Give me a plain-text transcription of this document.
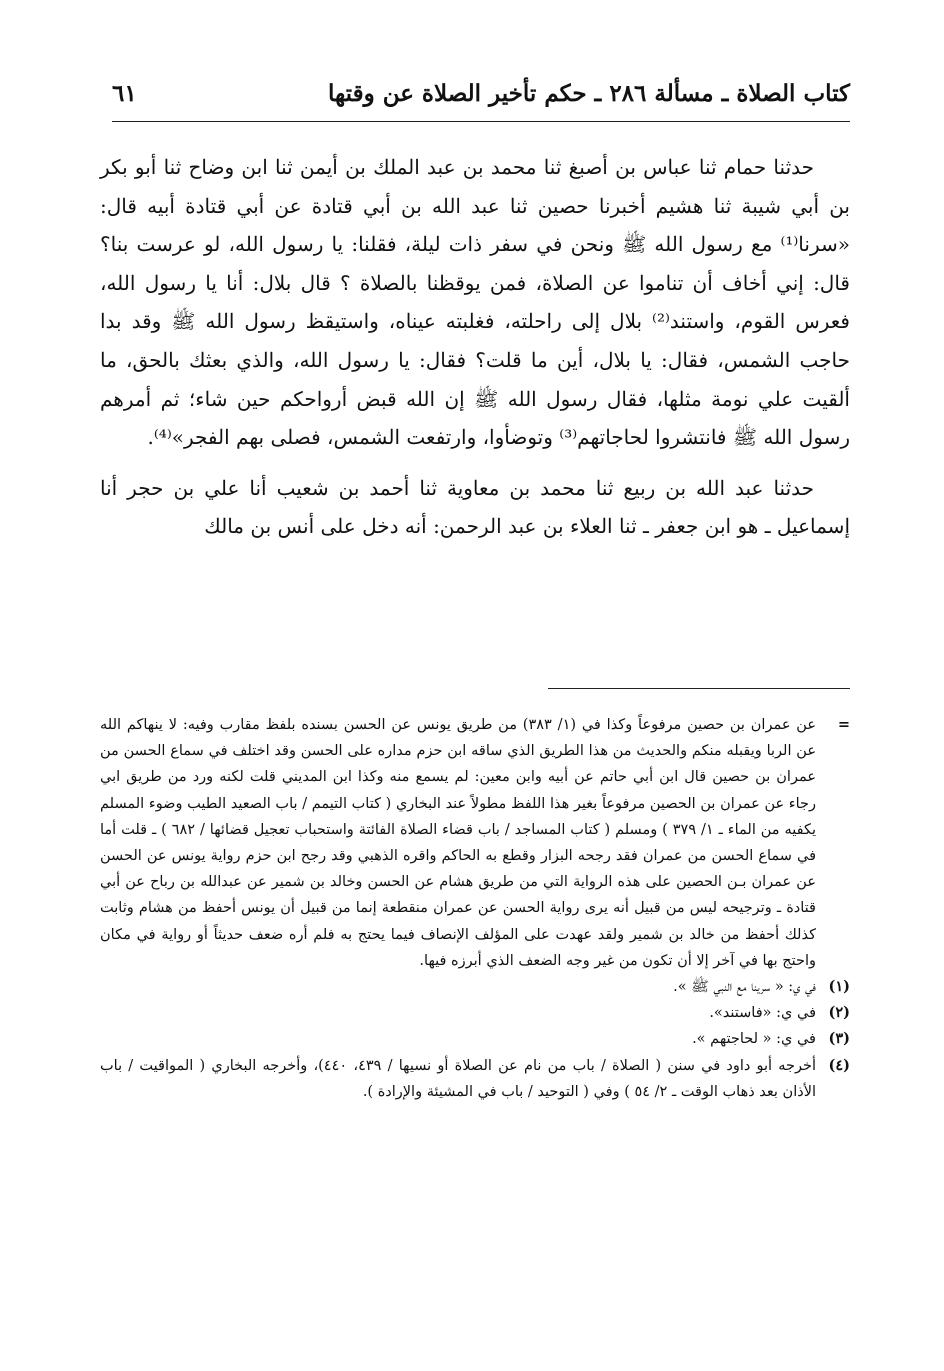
كتاب الصلاة ـ مسألة ٢٨٦ ـ حكم تأخير الصلاة عن وقتها
٦١

حدثنا حمام ثنا عباس بن أصبغ ثنا محمد بن عبد الملك بن أيمن ثنا ابن وضاح ثنا أبو بكر بن أبي شيبة ثنا هشيم أخبرنا حصين ثنا عبد الله بن أبي قتادة عن أبي قتادة أبيه قال: «سرنا⁽¹⁾ مع رسول الله ﷺ ونحن في سفر ذات ليلة، فقلنا: يا رسول الله، لو عرست بنا؟ قال: إني أخاف أن تناموا عن الصلاة، فمن يوقظنا بالصلاة ؟ قال بلال: أنا يا رسول الله، فعرس القوم، واستند⁽²⁾ بلال إلى راحلته، فغلبته عيناه، واستيقظ رسول الله ﷺ وقد بدا حاجب الشمس، فقال: يا بلال، أين ما قلت؟ فقال: يا رسول الله، والذي بعثك بالحق، ما ألقيت علي نومة مثلها، فقال رسول الله ﷺ إن الله قبض أرواحكم حين شاء؛ ثم أمرهم رسول الله ﷺ فانتشروا لحاجاتهم⁽³⁾ وتوضأوا، وارتفعت الشمس، فصلى بهم الفجر»⁽⁴⁾.

حدثنا عبد الله بن ربيع ثنا محمد بن معاوية ثنا أحمد بن شعيب أنا علي بن حجر أنا إسماعيل ـ هو ابن جعفر ـ ثنا العلاء بن عبد الرحمن: أنه دخل على أنس بن مالك

=عن عمران بن حصين مرفوعاً وكذا في (١/ ٣٨٣) من طريق يونس عن الحسن بسنده بلفظ مقارب وفيه: لا ينهاكم الله عن الربا ويقبله منكم والحديث من هذا الطريق الذي ساقه ابن حزم مداره على الحسن وقد اختلف في سماع الحسن من عمران بن حصين قال ابن أبي حاتم عن أبيه وابن معين: لم يسمع منه وكذا ابن المديني قلت لكنه ورد من طريق ابي رجاء عن عمران بن الحصين مرفوعاً بغير هذا اللفظ مطولاً عند البخاري ( كتاب التيمم / باب الصعيد الطيب وضوء المسلم يكفيه من الماء ـ ١/ ٣٧٩ ) ومسلم ( كتاب المساجد / باب قضاء الصلاة الفائتة واستحباب تعجيل قضائها / ٦٨٢ ) ـ قلت أما في سماع الحسن من عمران فقد رجحه البزار وقطع به الحاكم واقره الذهبي وقد رجح ابن حزم رواية يونس عن الحسن عن عمران بـن الحصين على هذه الرواية التي من طريق هشام عن الحسن وخالد بن شمير عن عبدالله بن رباح عن أبي قتادة ـ وترجيحه ليس من قبيل أنه يرى رواية الحسن عن عمران منقطعة إنما من قبيل أن يونس أحفظ من هشام وثابت كذلك أحفظ من خالد بن شمير ولقد عهدت على المؤلف الإنصاف فيما يحتج به فلم أره ضعف حديثاً أو رواية في مكان واحتج بها في آخر إلا أن تكون من غير وجه الضعف الذي أبرزه فيها.

(١)في ي: « سرينا مع النبي ﷺ ».

(٢)في ي: «فاستند».

(٣)في ي: « لحاجتهم ».

(٤)أخرجه أبو داود في سنن ( الصلاة / باب من نام عن الصلاة أو نسيها / ٤٣٩، ٤٤٠)، وأخرجه البخاري ( المواقيت / باب الأذان بعد ذهاب الوقت ـ ٢/ ٥٤ ) وفي ( التوحيد / باب في المشيئة والإرادة ).
